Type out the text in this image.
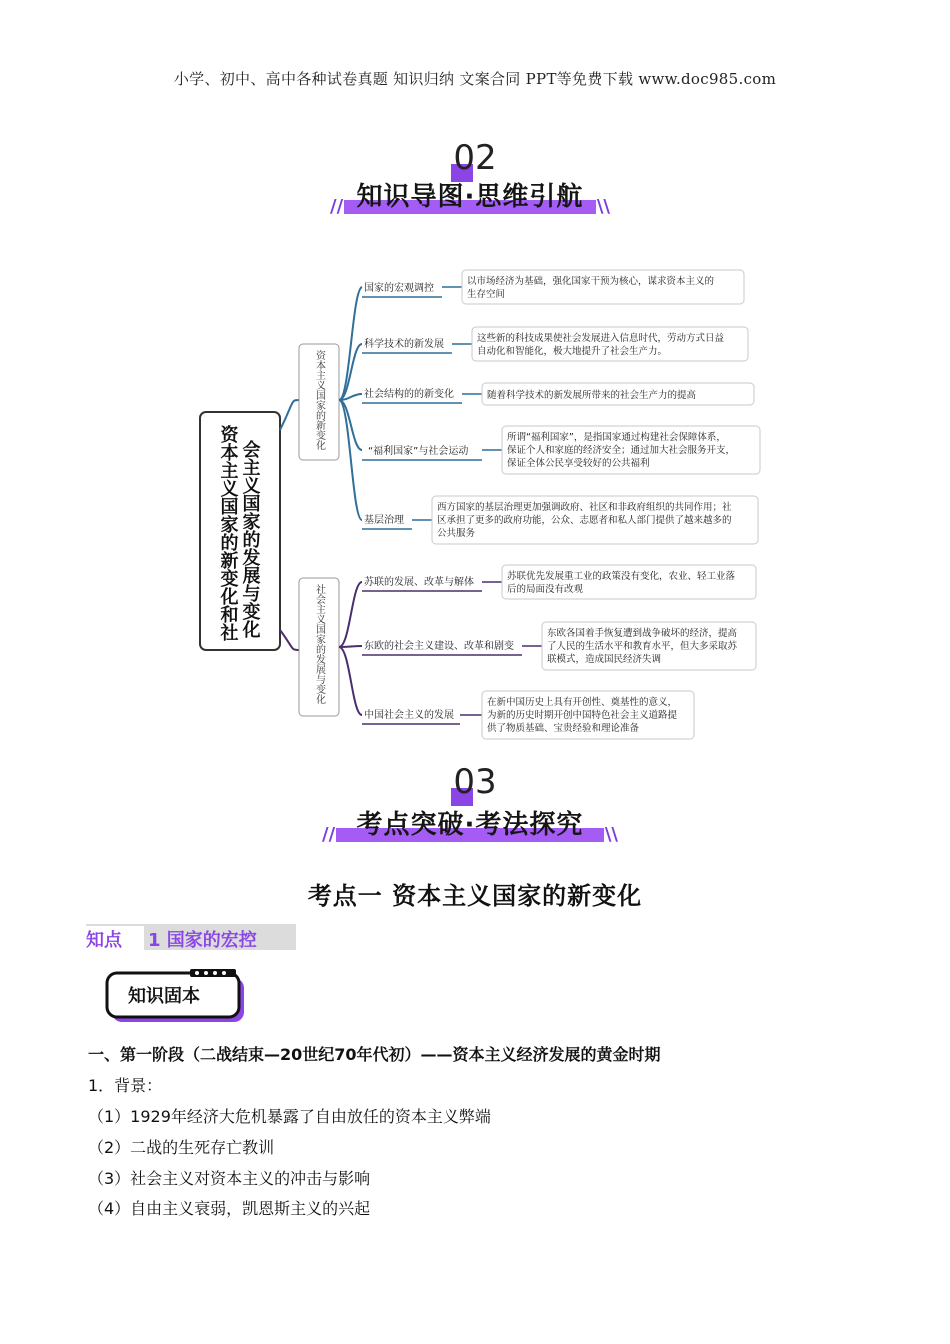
小学、初中、高中各种试卷真题 知识归纳 文案合同 PPT等免费下载 www.doc985.com
02
// 知识导图·思维引航 \\
会主义国家的发展与变化
资本主义国家的新变化和社
资本主义国家的新变化
社会主义国家的发展与变化
国家的宏观调控
科学技术的新发展
社会结构的的新变化
“福利国家”与社会运动
基层治理
苏联的发展、改革与解体
东欧的社会主义建设、改革和剧变
中国社会主义的发展
以市场经济为基础，强化国家干预为核心，谋求资本主义的
生存空间
这些新的科技成果使社会发展进入信息时代，劳动方式日益
自动化和智能化，极大地提升了社会生产力。
随着科学技术的新发展所带来的社会生产力的提高
所谓“福利国家”，是指国家通过构建社会保障体系，
保证个人和家庭的经济安全；通过加大社会服务开支，
保证全体公民享受较好的公共福利
西方国家的基层治理更加强调政府、社区和非政府组织的共同作用；社
区承担了更多的政府功能，公众、志愿者和私人部门提供了越来越多的
公共服务
苏联优先发展重工业的政策没有变化，农业、轻工业落
后的局面没有改观
东欧各国着手恢复遭到战争破坏的经济，提高
了人民的生活水平和教育水平，但大多采取苏
联模式，造成国民经济失调
在新中国历史上具有开创性、奠基性的意义，
为新的历史时期开创中国特色社会主义道路提
供了物质基础、宝贵经验和理论准备
03
// 考点突破·考法探究	\\
考点一 资本主义国家的新变化
知点	1 国家的宏控
知识固本
一、第一阶段（二战结束—20世纪70年代初）——资本主义经济发展的黄金时期
1．背景：
（1）1929年经济大危机暴露了自由放任的资本主义弊端
（2）二战的生死存亡教训
（3）社会主义对资本主义的冲击与影响
（4）自由主义衰弱，凯恩斯主义的兴起
